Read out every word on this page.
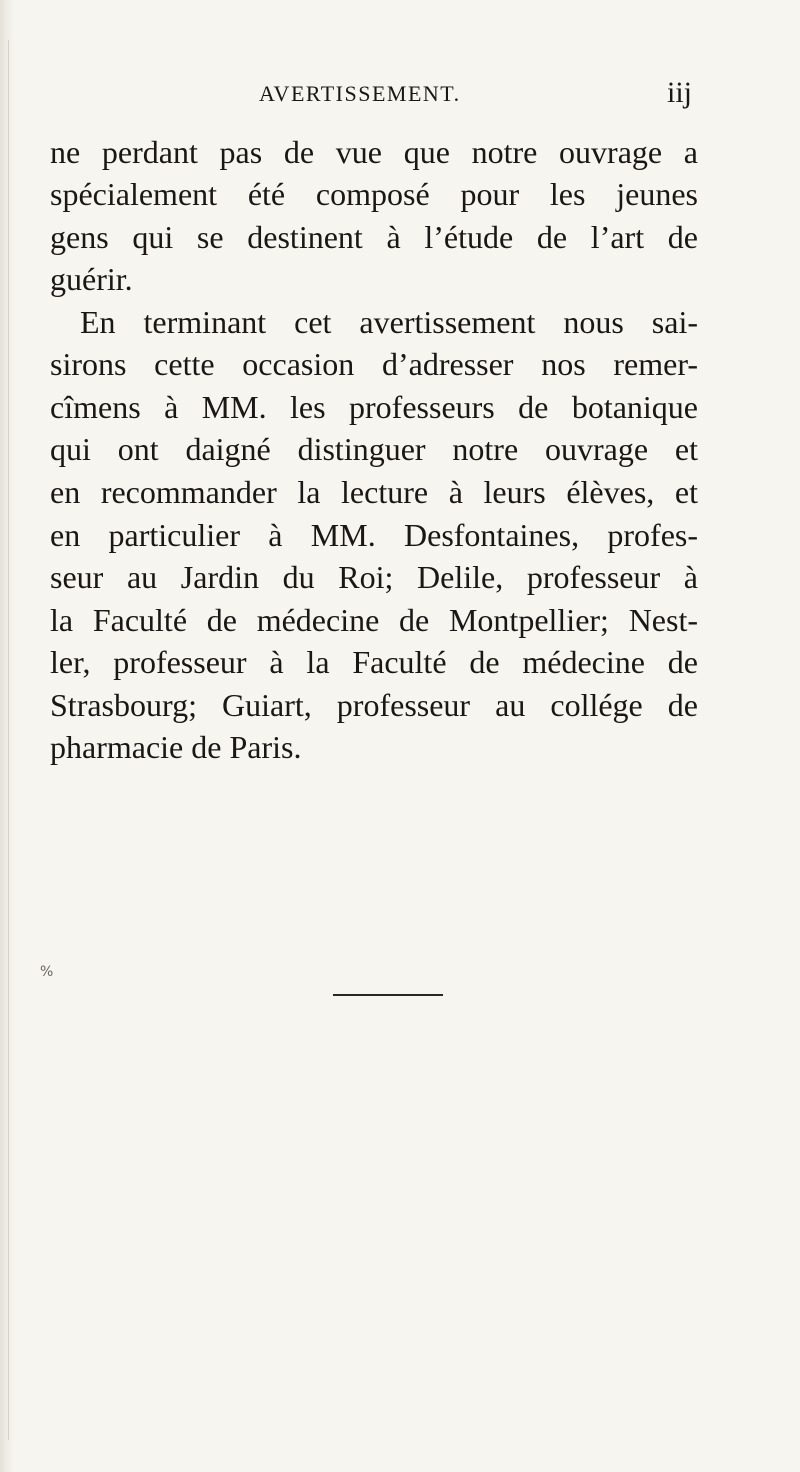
AVERTISSEMENT.	iij
ne perdant pas de vue que notre ouvrage a
spécialement été composé pour les jeunes
gens qui se destinent à l’étude de l’art de
guérir.
En terminant cet avertissement nous sai-
sirons cette occasion d’adresser nos remer-
cîmens à MM. les professeurs de botanique
qui ont daigné distinguer notre ouvrage et
en recommander la lecture à leurs élèves, et
en particulier à MM. Desfontaines, profes-
seur au Jardin du Roi; Delile, professeur à
la Faculté de médecine de Montpellier; Nest-
ler, professeur à la Faculté de médecine de
Strasbourg; Guiart, professeur au collége de
pharmacie de Paris.
%
